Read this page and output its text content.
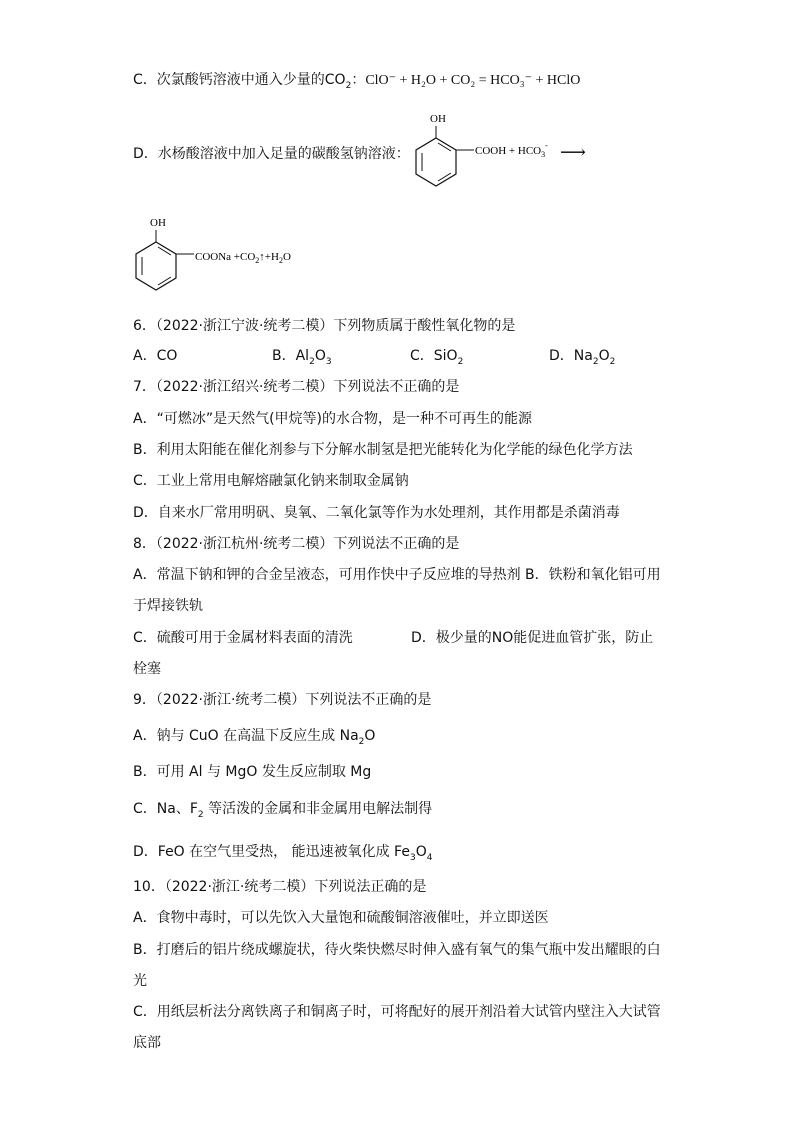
C．次氯酸钙溶液中通入少量的$CO_2$：ClO⁻ + H₂O + CO₂ = HCO₃⁻ + HClO
D．水杨酸溶液中加入足量的碳酸氢钠溶液：
OH
COOH + $HCO_3^-$ ⟶
OH
COONa $+CO_2↑+H_2O$
6．（2022·浙江宁波·统考二模）下列物质属于酸性氧化物的是
A．CO	B．$Al_2O_3$	C．SiO$_2$	D．$Na_2O_2$
7．（2022·浙江绍兴·统考二模）下列说法不正确的是
A．“可燃冰”是天然气(甲烷等)的水合物，是一种不可再生的能源
B．利用太阳能在催化剂参与下分解水制氢是把光能转化为化学能的绿色化学方法
C．工业上常用电解熔融氯化钠来制取金属钠
D．自来水厂常用明矾、臭氧、二氧化氯等作为水处理剂，其作用都是杀菌消毒
8．（2022·浙江杭州·统考二模）下列说法不正确的是
A．常温下钠和钾的合金呈液态，可用作快中子反应堆的导热剂 B．铁粉和氧化铝可用
于焊接铁轨
C．硫酸可用于金属材料表面的清洗	D．极少量的NO能促进血管扩张，防止
栓塞
9．（2022·浙江·统考二模）下列说法不正确的是
A．钠与 CuO 在高温下反应生成 $Na_2O$
B．可用 Al 与 MgO 发生反应制取 Mg
C．Na、$F_2$ 等活泼的金属和非金属用电解法制得
D．FeO 在空气里受热， 能迅速被氧化成 $Fe_3O_4$
10．（2022·浙江·统考二模）下列说法正确的是
A．食物中毒时，可以先饮入大量饱和硫酸铜溶液催吐，并立即送医
B．打磨后的铝片绕成螺旋状，待火柴快燃尽时伸入盛有氧气的集气瓶中发出耀眼的白
光
C．用纸层析法分离铁离子和铜离子时，可将配好的展开剂沿着大试管内壁注入大试管
底部
